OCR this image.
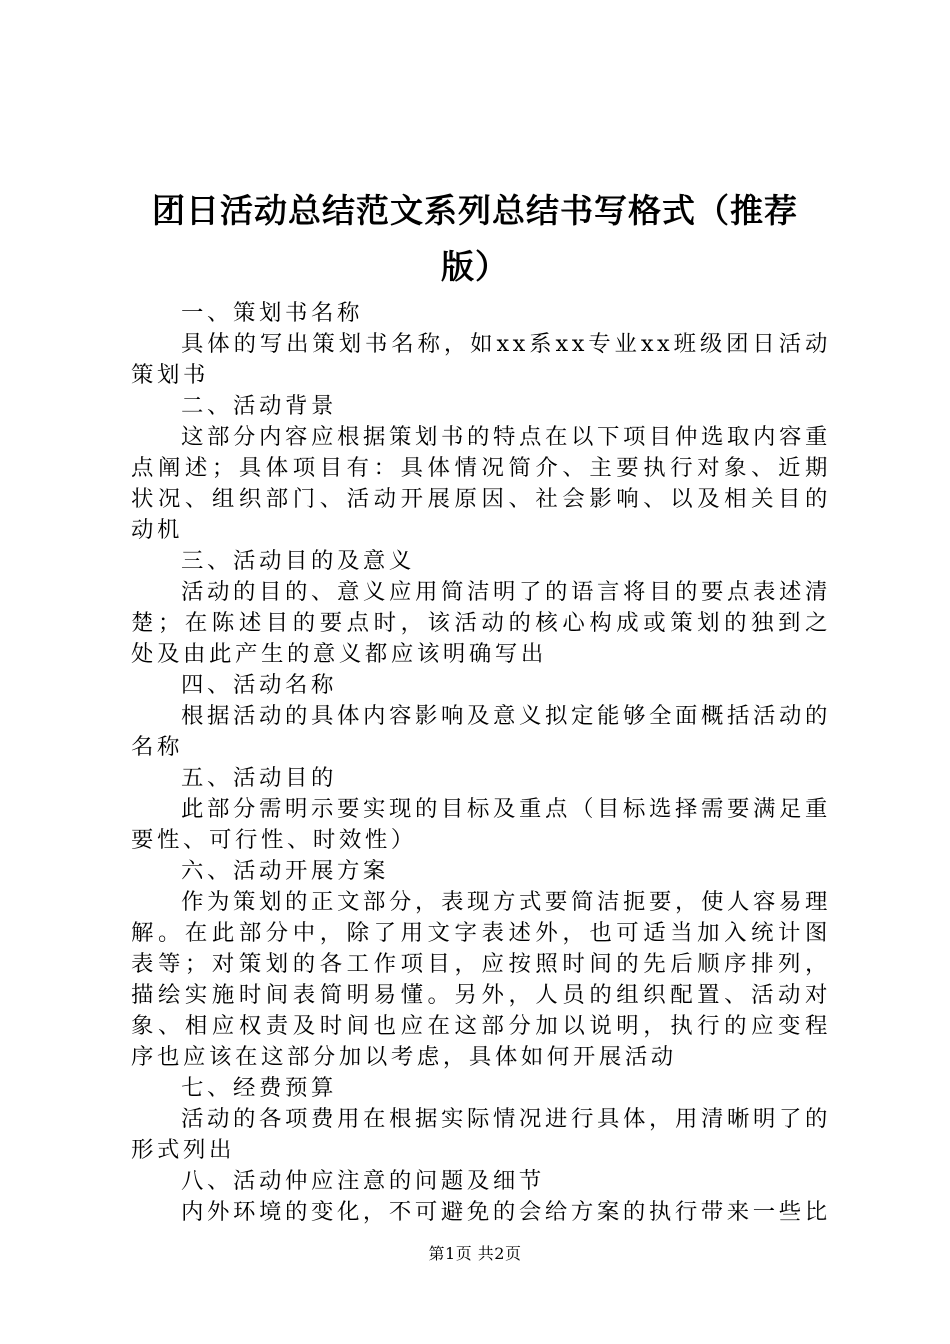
团日活动总结范文系列总结书写格式（推荐
版）

一、策划书名称

具体的写出策划书名称，如xx系xx专业xx班级团日活动策划书

二、活动背景

这部分内容应根据策划书的特点在以下项目仲选取内容重点阐述；具体项目有：具体情况简介、主要执行对象、近期状况、组织部门、活动开展原因、社会影响、以及相关目的动机

三、活动目的及意义

活动的目的、意义应用简洁明了的语言将目的要点表述清楚；在陈述目的要点时，该活动的核心构成或策划的独到之处及由此产生的意义都应该明确写出

四、活动名称

根据活动的具体内容影响及意义拟定能够全面概括活动的名称

五、活动目的

此部分需明示要实现的目标及重点（目标选择需要满足重要性、可行性、时效性）

六、活动开展方案

作为策划的正文部分，表现方式要简洁扼要，使人容易理解。在此部分中，除了用文字表述外，也可适当加入统计图表等；对策划的各工作项目，应按照时间的先后顺序排列，描绘实施时间表简明易懂。另外，人员的组织配置、活动对象、相应权责及时间也应在这部分加以说明，执行的应变程序也应该在这部分加以考虑，具体如何开展活动

七、经费预算

活动的各项费用在根据实际情况进行具体，用清晰明了的形式列出

八、活动仲应注意的问题及细节

内外环境的变化，不可避免的会给方案的执行带来一些比

第1页 共2页
